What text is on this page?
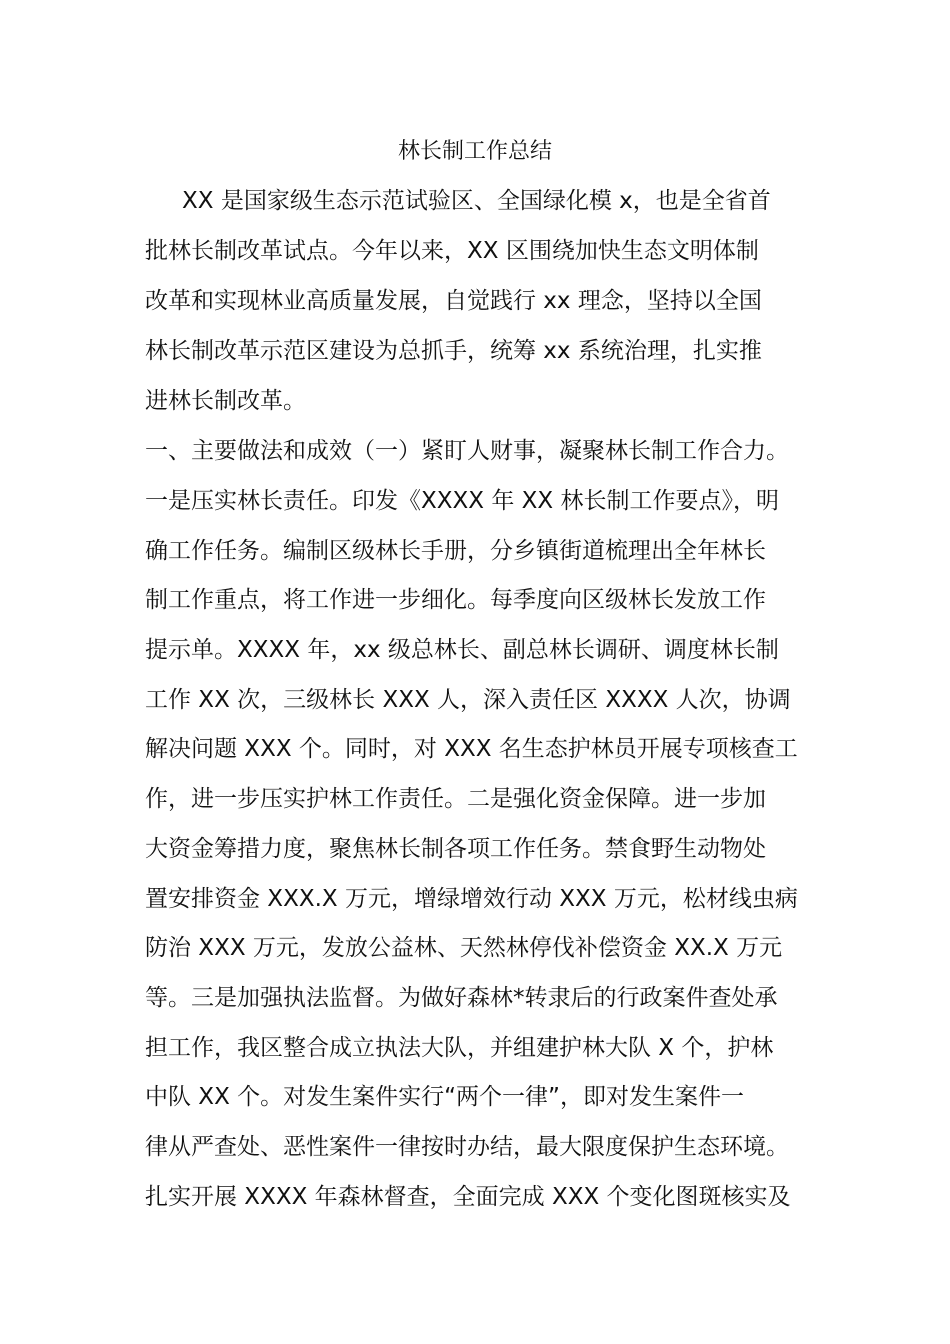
林长制工作总结

XX 是国家级生态示范试验区、全国绿化模 x，也是全省首

批林长制改革试点。今年以来，XX 区围绕加快生态文明体制

改革和实现林业高质量发展，自觉践行 xx 理念，坚持以全国

林长制改革示范区建设为总抓手，统筹 xx 系统治理，扎实推

进林长制改革。

一、主要做法和成效（一）紧盯人财事，凝聚林长制工作合力。

一是压实林长责任。印发《XXXX 年 XX 林长制工作要点》，明

确工作任务。编制区级林长手册，分乡镇街道梳理出全年林长

制工作重点，将工作进一步细化。每季度向区级林长发放工作

提示单。XXXX 年，xx 级总林长、副总林长调研、调度林长制

工作 XX 次，三级林长 XXX 人，深入责任区 XXXX 人次，协调

解决问题 XXX 个。同时，对 XXX 名生态护林员开展专项核查工

作，进一步压实护林工作责任。二是强化资金保障。进一步加

大资金筹措力度，聚焦林长制各项工作任务。禁食野生动物处

置安排资金 XXX.X 万元，增绿增效行动 XXX 万元，松材线虫病

防治 XXX 万元，发放公益林、天然林停伐补偿资金 XX.X 万元

等。三是加强执法监督。为做好森林*转隶后的行政案件查处承

担工作，我区整合成立执法大队，并组建护林大队 X 个，护林

中队 XX 个。对发生案件实行“两个一律”，即对发生案件一

律从严查处、恶性案件一律按时办结，最大限度保护生态环境。

扎实开展 XXXX 年森林督查，全面完成 XXX 个变化图斑核实及
